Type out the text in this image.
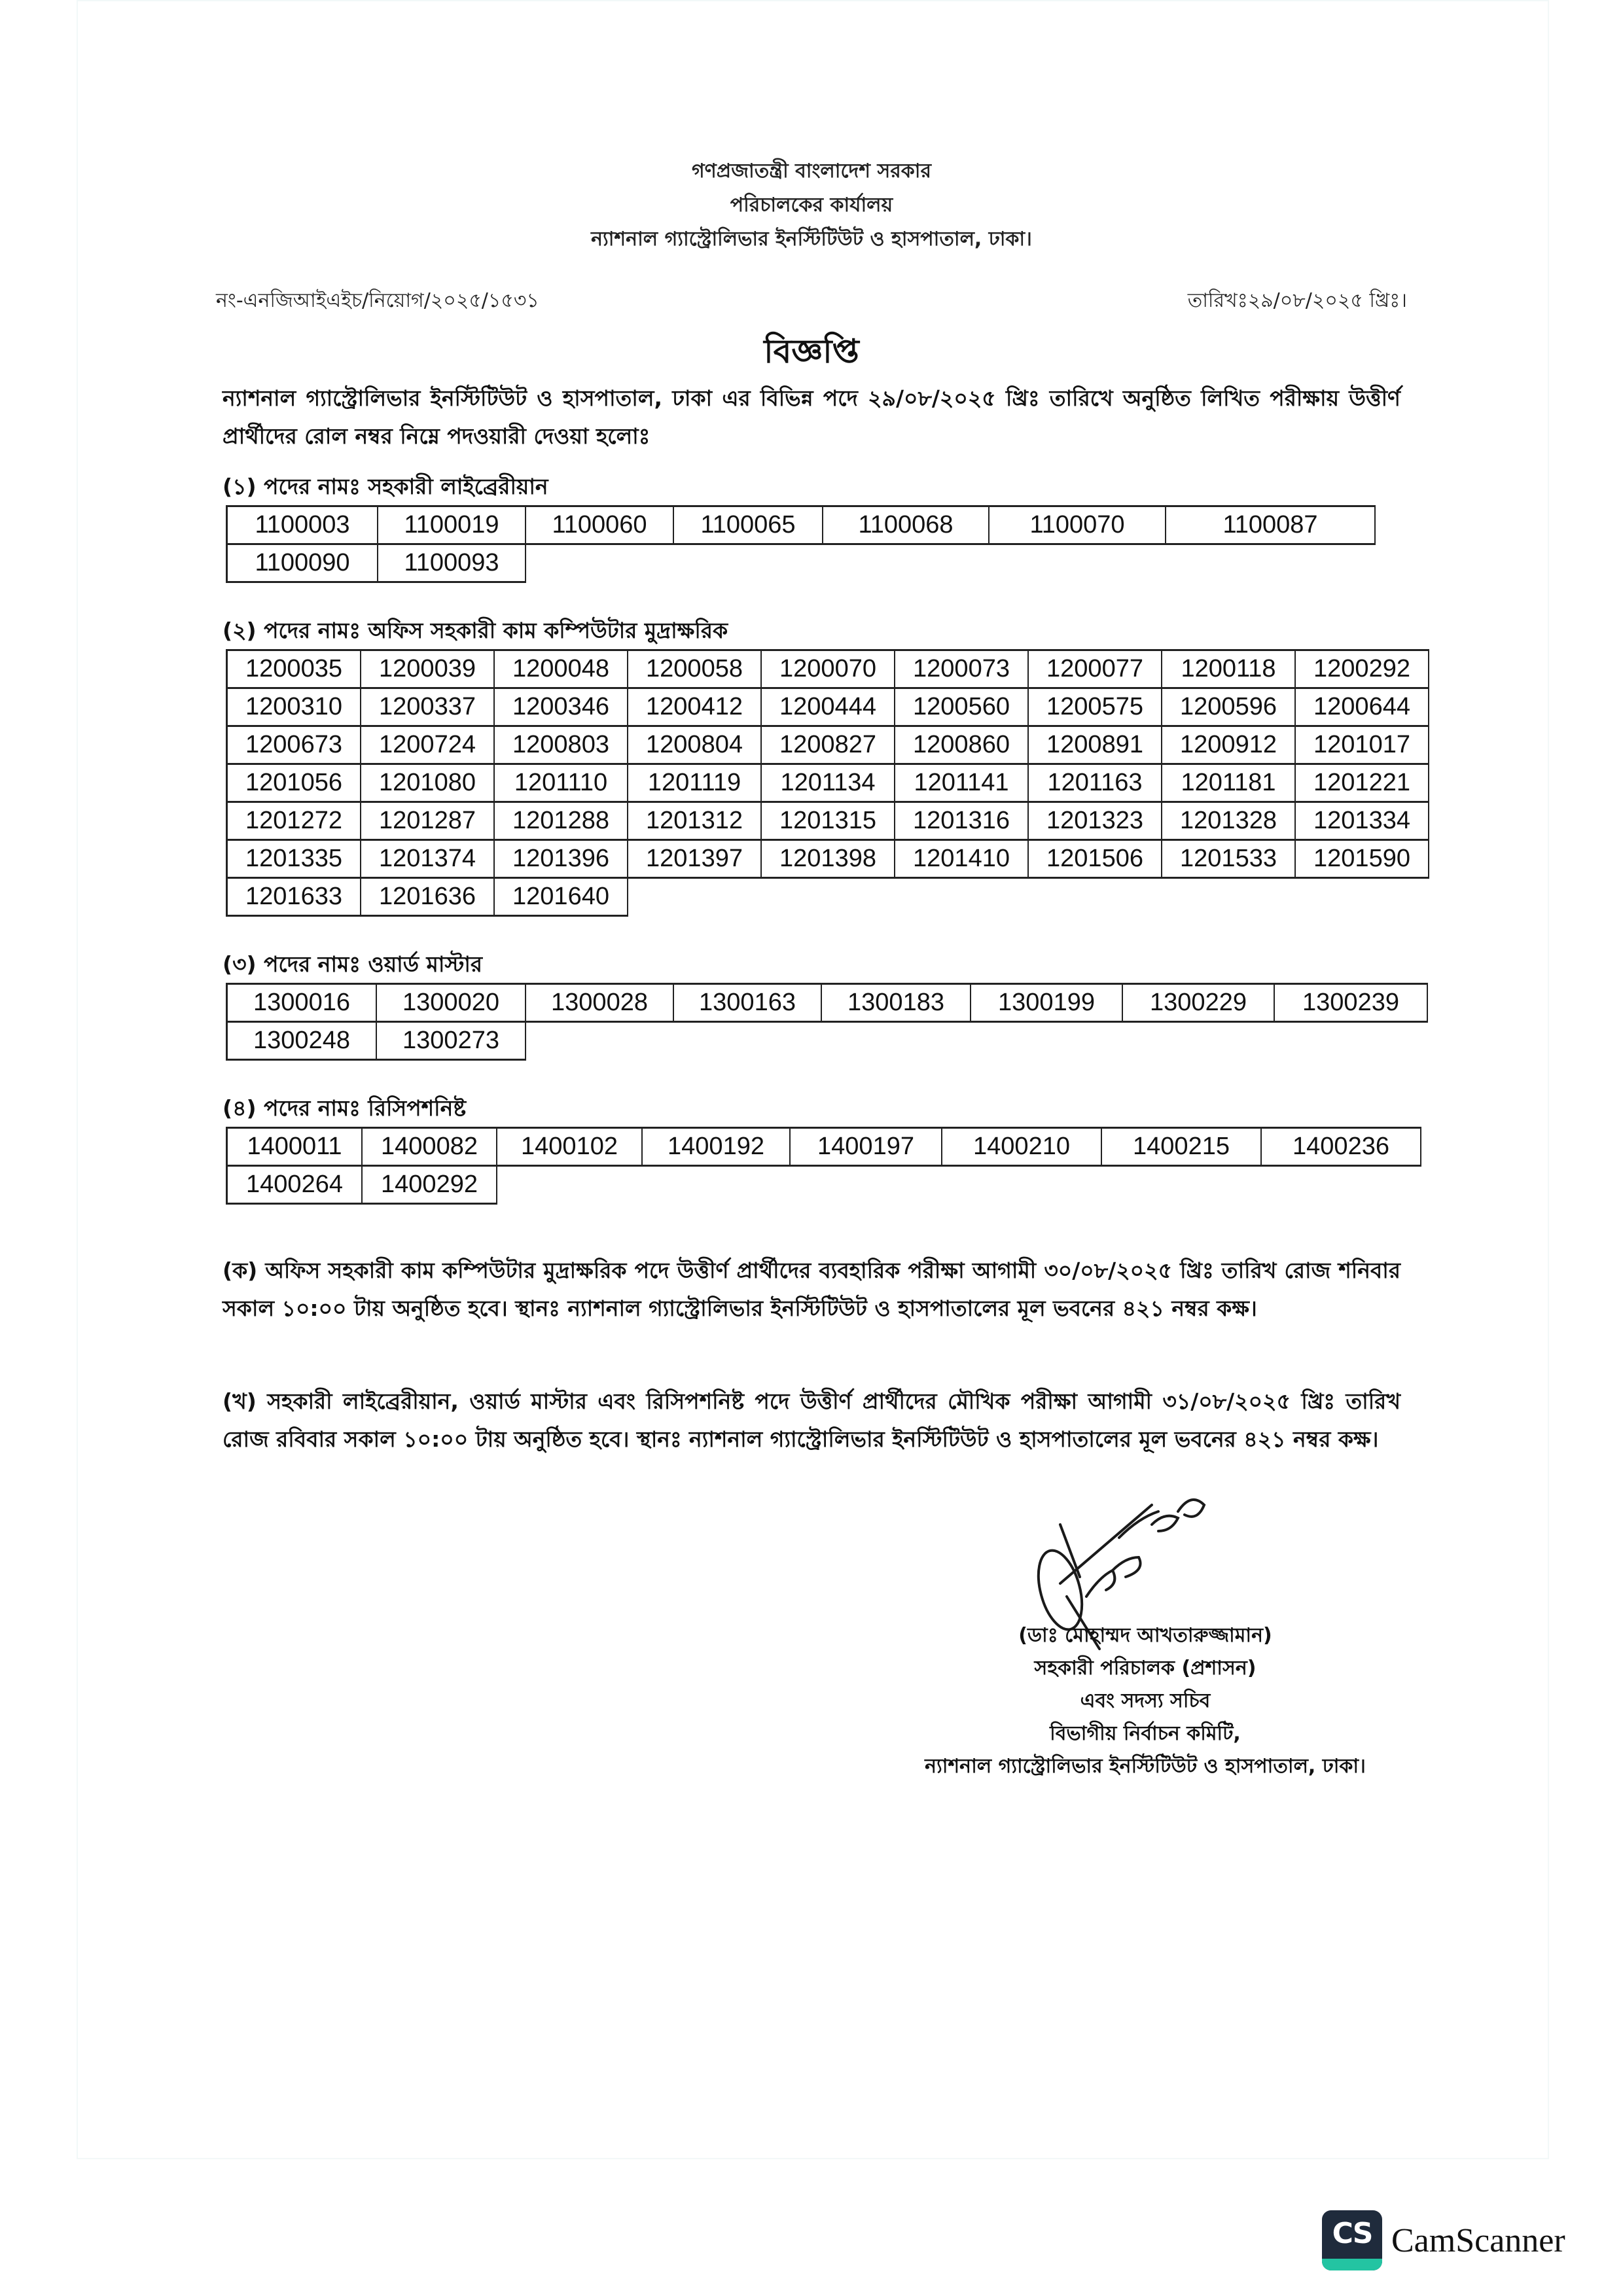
গণপ্রজাতন্ত্রী বাংলাদেশ সরকার
পরিচালকের কার্যালয়
ন্যাশনাল গ্যাস্ট্রোলিভার ইনস্টিটিউট ও হাসপাতাল, ঢাকা।
নং-এনজিআইএইচ/নিয়োগ/২০২৫/১৫৩১	তারিখঃ২৯/০৮/২০২৫ খ্রিঃ।
বিজ্ঞপ্তি
ন্যাশনাল গ্যাস্ট্রোলিভার ইনস্টিটিউট ও হাসপাতাল, ঢাকা এর বিভিন্ন পদে ২৯/০৮/২০২৫ খ্রিঃ তারিখে অনুষ্ঠিত লিখিত পরীক্ষায় উত্তীর্ণ প্রার্থীদের রোল নম্বর নিম্নে পদওয়ারী দেওয়া হলোঃ
(১) পদের নামঃ সহকারী লাইব্রেরীয়ান
1100003	1100019	1100060	1100065	1100068	1100070	1100087
1100090	1100093
(২) পদের নামঃ অফিস সহকারী কাম কম্পিউটার মুদ্রাক্ষরিক
1200035	1200039	1200048	1200058	1200070	1200073	1200077	1200118	1200292
1200310	1200337	1200346	1200412	1200444	1200560	1200575	1200596	1200644
1200673	1200724	1200803	1200804	1200827	1200860	1200891	1200912	1201017
1201056	1201080	1201110	1201119	1201134	1201141	1201163	1201181	1201221
1201272	1201287	1201288	1201312	1201315	1201316	1201323	1201328	1201334
1201335	1201374	1201396	1201397	1201398	1201410	1201506	1201533	1201590
1201633	1201636	1201640
(৩) পদের নামঃ ওয়ার্ড মাস্টার
1300016	1300020	1300028	1300163	1300183	1300199	1300229	1300239
1300248	1300273
(৪) পদের নামঃ রিসিপশনিষ্ট
1400011	1400082	1400102	1400192	1400197	1400210	1400215	1400236
1400264	1400292
(ক) অফিস সহকারী কাম কম্পিউটার মুদ্রাক্ষরিক পদে উত্তীর্ণ প্রার্থীদের ব্যবহারিক পরীক্ষা আগামী ৩০/০৮/২০২৫ খ্রিঃ তারিখ রোজ শনিবার সকাল ১০:০০ টায় অনুষ্ঠিত হবে। স্থানঃ ন্যাশনাল গ্যাস্ট্রোলিভার ইনস্টিটিউট ও হাসপাতালের মূল ভবনের ৪২১ নম্বর কক্ষ।
(খ) সহকারী লাইব্রেরীয়ান, ওয়ার্ড মাস্টার এবং রিসিপশনিষ্ট পদে উত্তীর্ণ প্রার্থীদের মৌখিক পরীক্ষা আগামী ৩১/০৮/২০২৫ খ্রিঃ তারিখ রোজ রবিবার সকাল ১০:০০ টায় অনুষ্ঠিত হবে। স্থানঃ ন্যাশনাল গ্যাস্ট্রোলিভার ইনস্টিটিউট ও হাসপাতালের মূল ভবনের ৪২১ নম্বর কক্ষ।
২৯/০৮/২০২৫
(ডাঃ মোহাম্মদ আখতারুজ্জামান)
সহকারী পরিচালক (প্রশাসন)
এবং সদস্য সচিব
বিভাগীয় নির্বাচন কমিটি,
ন্যাশনাল গ্যাস্ট্রোলিভার ইনস্টিটিউট ও হাসপাতাল, ঢাকা।
CS CamScanner
